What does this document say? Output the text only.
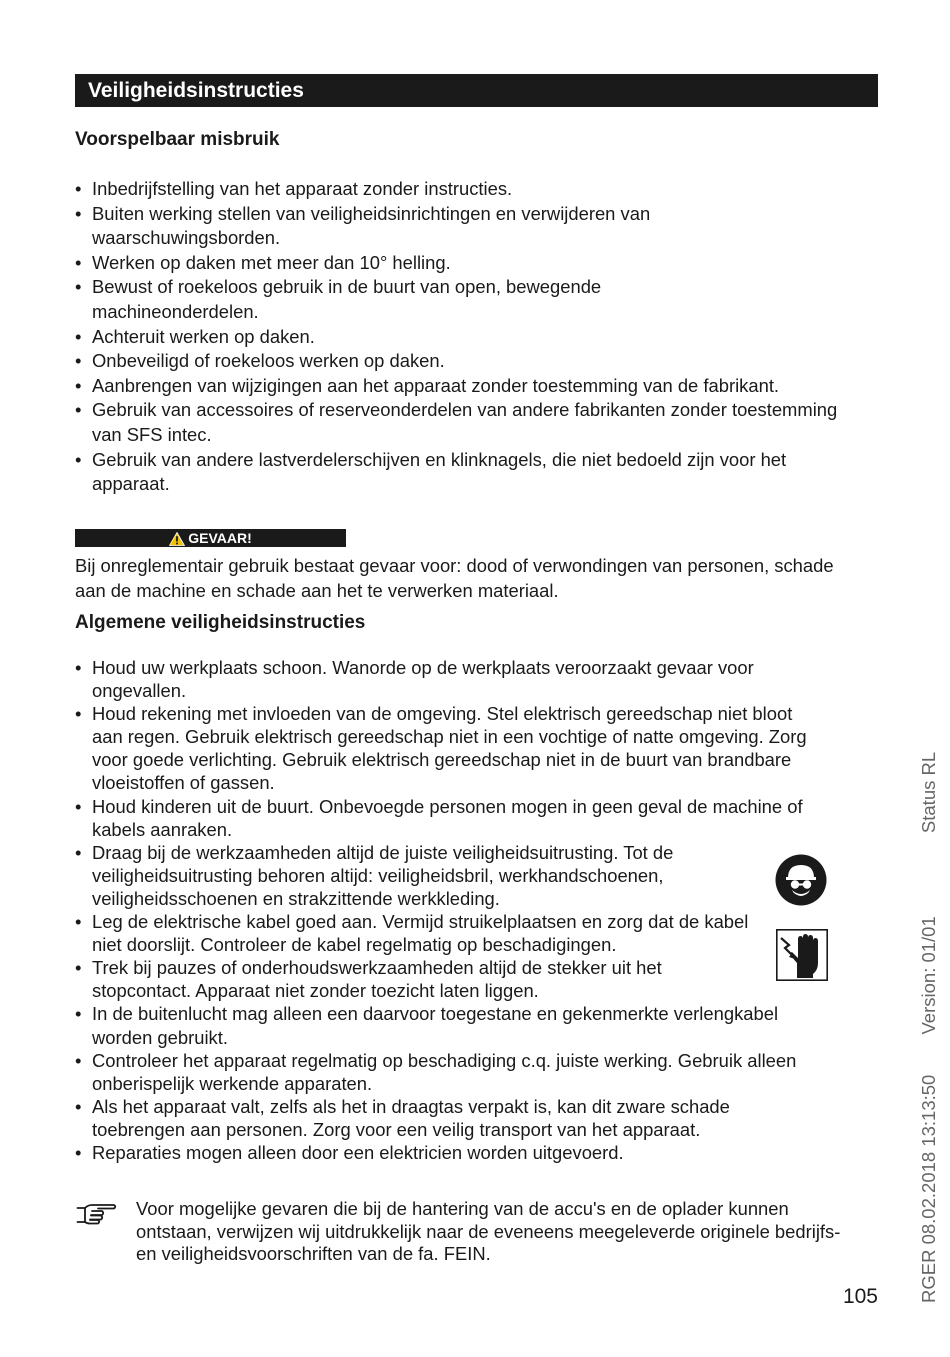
Veiligheidsinstructies
Voorspelbaar misbruik
• Inbedrijfstelling van het apparaat zonder instructies.
• Buiten werking stellen van veiligheidsinrichtingen en verwijderen van waarschuwingsborden.
• Werken op daken met meer dan 10° helling.
• Bewust of roekeloos gebruik in de buurt van open, bewegende machineonderdelen.
• Achteruit werken op daken.
• Onbeveiligd of roekeloos werken op daken.
• Aanbrengen van wijzigingen aan het apparaat zonder toestemming van de fabrikant.
• Gebruik van accessoires of reserveonderdelen van andere fabrikanten zonder toestemming van SFS intec.
• Gebruik van andere lastverdelerschijven en klinknagels, die niet bedoeld zijn voor het apparaat.
GEVAAR!

Bij onreglementair gebruik bestaat gevaar voor: dood of verwondingen van personen, schade aan de machine en schade aan het te verwerken materiaal.

Algemene veiligheidsinstructies
• Houd uw werkplaats schoon. Wanorde op de werkplaats veroorzaakt gevaar voor ongevallen.
• Houd rekening met invloeden van de omgeving. Stel elektrisch gereedschap niet bloot aan regen. Gebruik elektrisch gereedschap niet in een vochtige of natte omgeving. Zorg voor goede verlichting. Gebruik elektrisch gereedschap niet in de buurt van brandbare vloeistoffen of gassen.
• Houd kinderen uit de buurt. Onbevoegde personen mogen in geen geval de machine of kabels aanraken.
• Draag bij de werkzaamheden altijd de juiste veiligheidsuitrusting. Tot de veiligheidsuitrusting behoren altijd: veiligheidsbril, werkhandschoenen, veiligheidsschoenen en strakzittende werkkleding.
• Leg de elektrische kabel goed aan. Vermijd struikelplaatsen en zorg dat de kabel niet doorslijt. Controleer de kabel regelmatig op beschadigingen.
• Trek bij pauzes of onderhoudswerkzaamheden altijd de stekker uit het stopcontact. Apparaat niet zonder toezicht laten liggen.
• In de buitenlucht mag alleen een daarvoor toegestane en gekenmerkte verlengkabel worden gebruikt.
• Controleer het apparaat regelmatig op beschadiging c.q. juiste werking. Gebruik alleen onberispelijk werkende apparaten.
• Als het apparaat valt, zelfs als het in draagtas verpakt is, kan dit zware schade toebrengen aan personen. Zorg voor een veilig transport van het apparaat.
• Reparaties mogen alleen door een elektricien worden uitgevoerd.

Voor mogelijke gevaren die bij de hantering van de accu's en de oplader kunnen ontstaan, verwijzen wij uitdrukkelijk naar de eveneens meegeleverde originele bedrijfs- en veiligheidsvoorschriften van de fa. FEIN.

105 RGER 08.02.2018 13:13:50 Version: 01/01 Status RL
